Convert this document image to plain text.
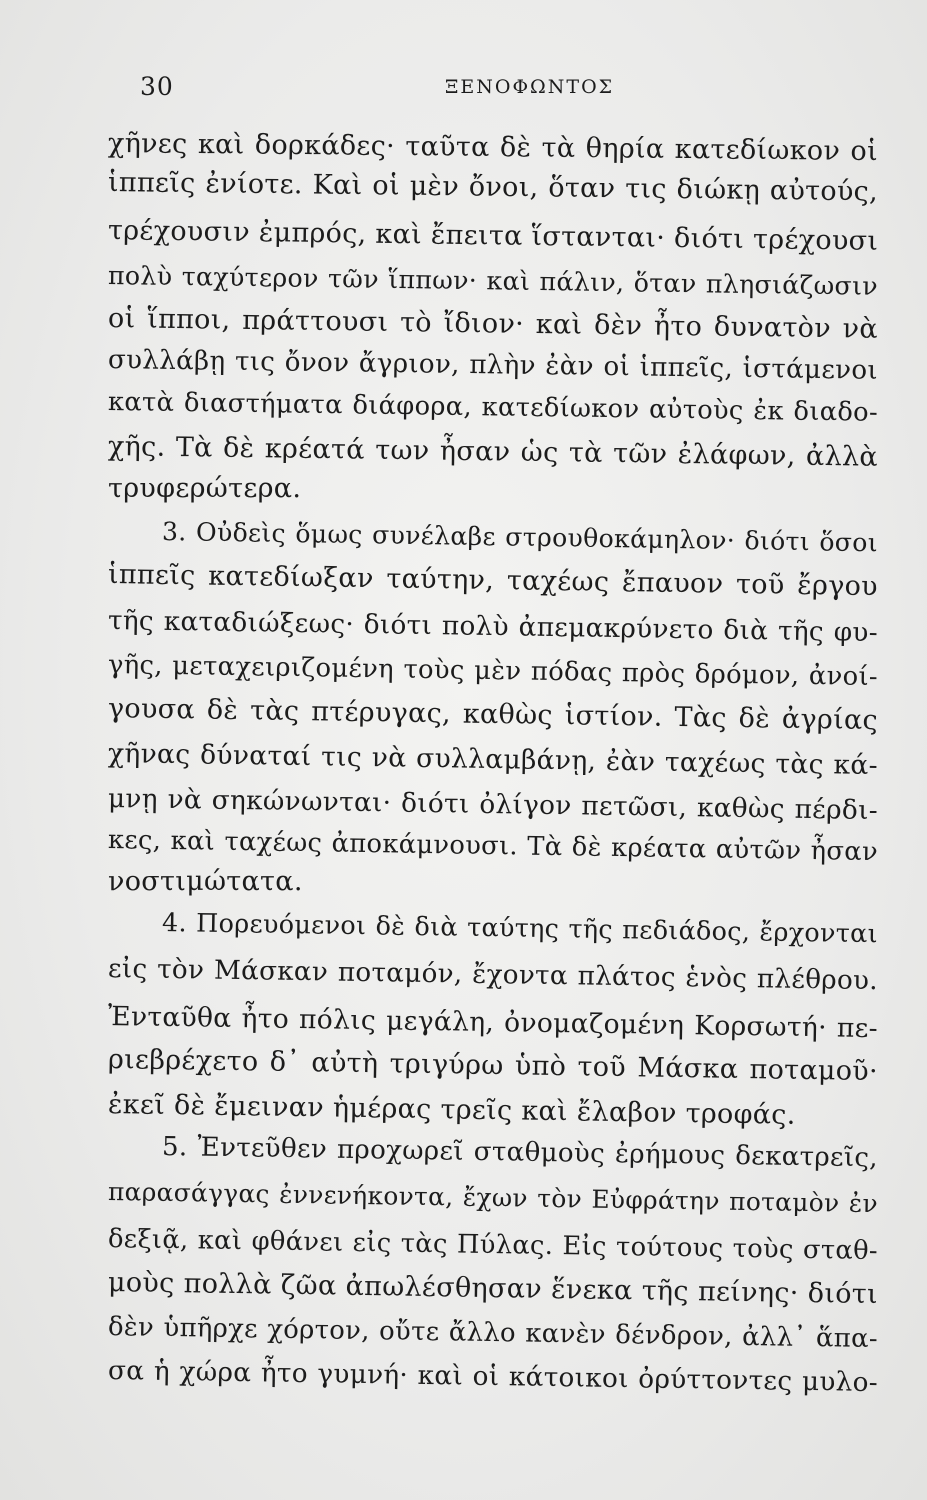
30	ΞΕΝΟΦΩΝΤΟΣ
χῆνες καὶ δορκάδες· ταῦτα δὲ τὰ θηρία κατεδίωκον οἱ
ἱππεῖς ἐνίοτε. Καὶ οἱ μὲν ὄνοι, ὅταν τις διώκῃ αὐτούς,
τρέχουσιν ἐμπρός, καὶ ἔπειτα ἵστανται· διότι τρέχουσι
πολὺ ταχύτερον τῶν ἵππων· καὶ πάλιν, ὅταν πλησιάζωσιν
οἱ ἵπποι, πράττουσι τὸ ἴδιον· καὶ δὲν ἦτο δυνατὸν νὰ
συλλάβῃ τις ὄνον ἄγριον, πλὴν ἐὰν οἱ ἱππεῖς, ἱστάμενοι
κατὰ διαστήματα διάφορα, κατεδίωκον αὐτοὺς ἐκ διαδο-
χῆς. Τὰ δὲ κρέατά των ἦσαν ὡς τὰ τῶν ἐλάφων, ἀλλὰ
τρυφερώτερα.
3. Οὐδεὶς ὅμως συνέλαβε στρουθοκάμηλον· διότι ὅσοι
ἱππεῖς κατεδίωξαν ταύτην, ταχέως ἔπαυον τοῦ ἔργου
τῆς καταδιώξεως· διότι πολὺ ἀπεμακρύνετο διὰ τῆς φυ-
γῆς, μεταχειριζομένη τοὺς μὲν πόδας πρὸς δρόμον, ἀνοί-
γουσα δὲ τὰς πτέρυγας, καθὼς ἱστίον. Τὰς δὲ ἀγρίας
χῆνας δύναταί τις νὰ συλλαμβάνῃ, ἐὰν ταχέως τὰς κά-
μνῃ νὰ σηκώνωνται· διότι ὀλίγον πετῶσι, καθὼς πέρδι-
κες, καὶ ταχέως ἀποκάμνουσι. Τὰ δὲ κρέατα αὐτῶν ἦσαν
νοστιμώτατα.
4. Πορευόμενοι δὲ διὰ ταύτης τῆς πεδιάδος, ἔρχονται
εἰς τὸν Μάσκαν ποταμόν, ἔχοντα πλάτος ἑνὸς πλέθρου.
Ἐνταῦθα ἦτο πόλις μεγάλη, ὀνομαζομένη Κορσωτή· πε-
ριεβρέχετο δ᾿ αὐτὴ τριγύρω ὑπὸ τοῦ Μάσκα ποταμοῦ·
ἐκεῖ δὲ ἔμειναν ἡμέρας τρεῖς καὶ ἔλαβον τροφάς.
5. Ἐντεῦθεν προχωρεῖ σταθμοὺς ἐρήμους δεκατρεῖς,
παρασάγγας ἐννενήκοντα, ἔχων τὸν Εὐφράτην ποταμὸν ἐν
δεξιᾷ, καὶ φθάνει εἰς τὰς Πύλας. Εἰς τούτους τοὺς σταθ-
μοὺς πολλὰ ζῶα ἀπωλέσθησαν ἕνεκα τῆς πείνης· διότι
δὲν ὑπῆρχε χόρτον, οὔτε ἄλλο κανὲν δένδρον, ἀλλ᾿ ἅπα-
σα ἡ χώρα ἦτο γυμνή· καὶ οἱ κάτοικοι ὀρύττοντες μυλο-
